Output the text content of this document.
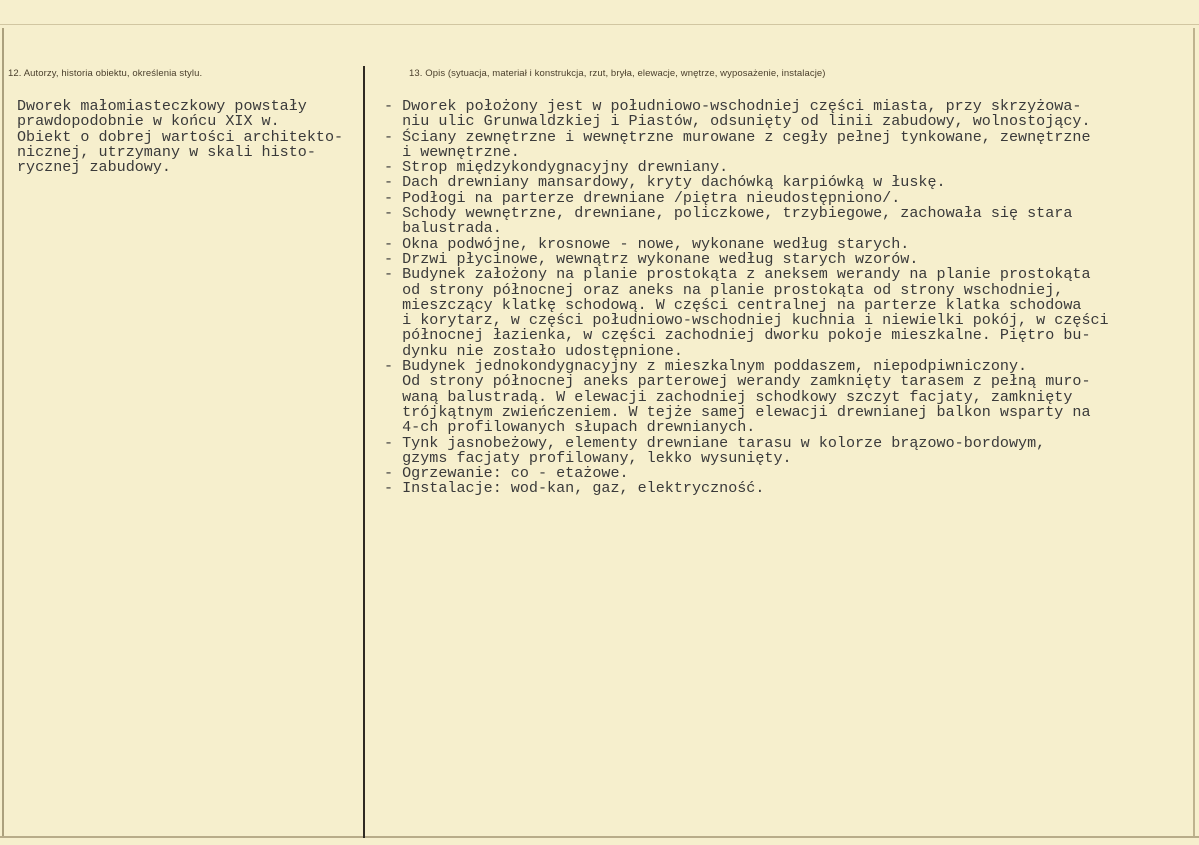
12. Autorzy, historia obiektu, określenia stylu.	13. Opis (sytuacja, materiał i konstrukcja, rzut, bryła, elewacje, wnętrze, wyposażenie, instalacje)
Dworek małomiasteczkowy powstały
prawdopodobnie w końcu XIX w.
Obiekt o dobrej wartości architekto-
nicznej, utrzymany w skali histo-
rycznej zabudowy.
- Dworek położony jest w południowo-wschodniej części miasta, przy skrzyżowa-
niu ulic Grunwaldzkiej i Piastów, odsunięty od linii zabudowy, wolnostojący.
- Ściany zewnętrzne i wewnętrzne murowane z cegły pełnej tynkowane, zewnętrzne
i wewnętrzne.
- Strop międzykondygnacyjny drewniany.
- Dach drewniany mansardowy, kryty dachówką karpiówką w łuskę.
- Podłogi na parterze drewniane /piętra nieudostępniono/.
- Schody wewnętrzne, drewniane, policzkowe, trzybiegowe, zachowała się stara
balustrada.
- Okna podwójne, krosnowe - nowe, wykonane według starych.
- Drzwi płycinowe, wewnątrz wykonane według starych wzorów.
- Budynek założony na planie prostokąta z aneksem werandy na planie prostokąta
od strony północnej oraz aneks na planie prostokąta od strony wschodniej,
mieszczący klatkę schodową. W części centralnej na parterze klatka schodowa
i korytarz, w części południowo-wschodniej kuchnia i niewielki pokój, w części
północnej łazienka, w części zachodniej dworku pokoje mieszkalne. Piętro bu-
dynku nie zostało udostępnione.
- Budynek jednokondygnacyjny z mieszkalnym poddaszem, niepodpiwniczony.
Od strony północnej aneks parterowej werandy zamknięty tarasem z pełną muro-
waną balustradą. W elewacji zachodniej schodkowy szczyt facjaty, zamknięty
trójkątnym zwieńczeniem. W tejże samej elewacji drewnianej balkon wsparty na
4-ch profilowanych słupach drewnianych.
- Tynk jasnobeżowy, elementy drewniane tarasu w kolorze brązowo-bordowym,
gzyms facjaty profilowany, lekko wysunięty.
- Ogrzewanie: co - etażowe.
- Instalacje: wod-kan, gaz, elektryczność.
